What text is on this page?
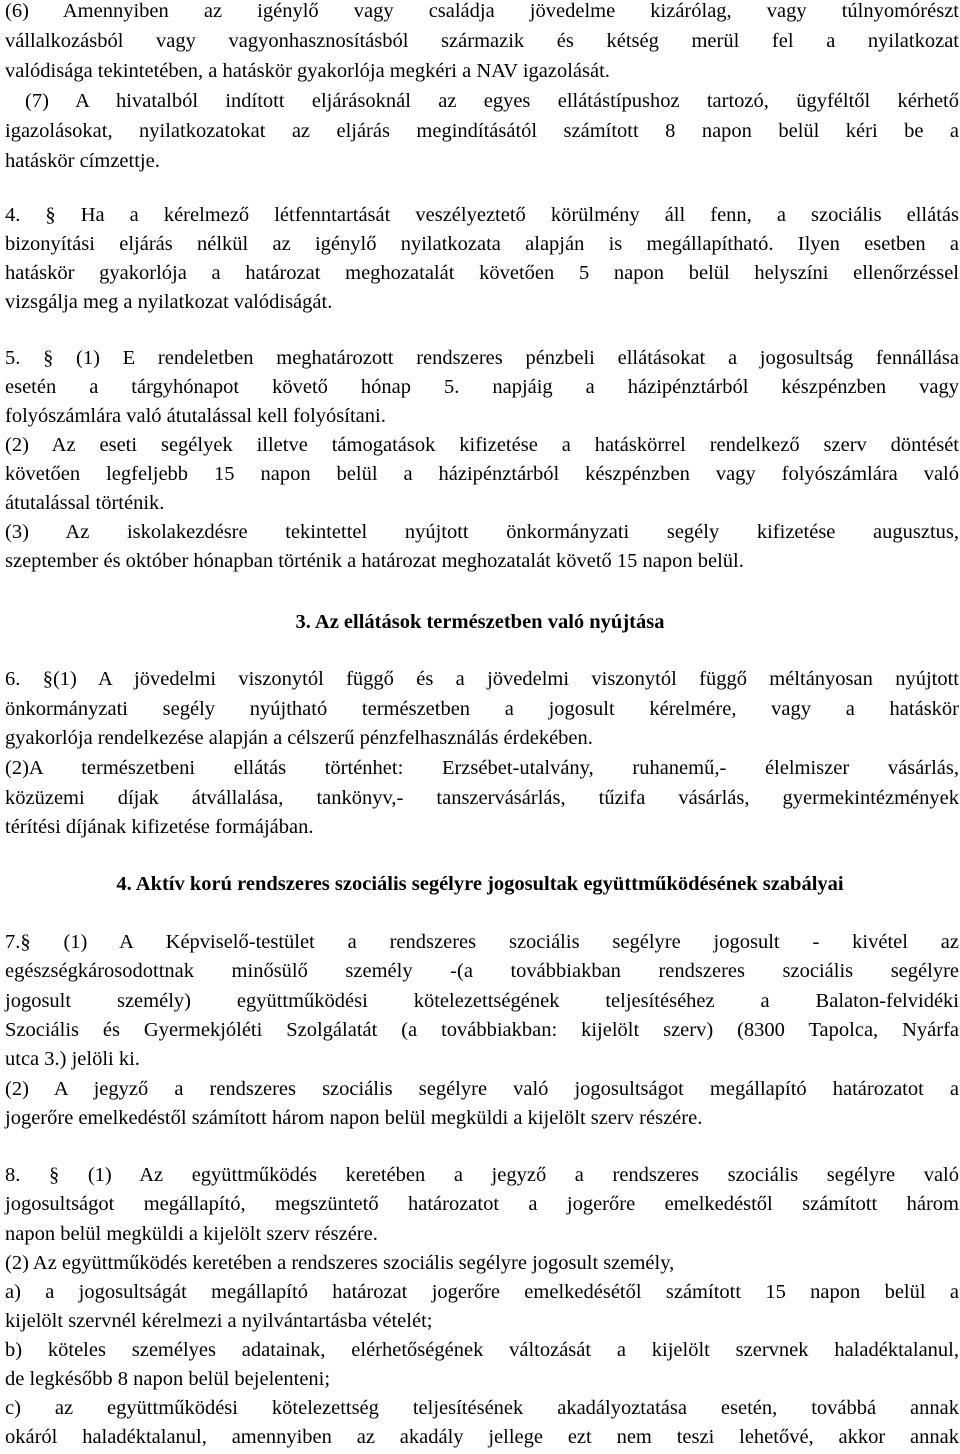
(6) Amennyiben az igénylő vagy családja jövedelme kizárólag, vagy túlnyomórészt
vállalkozásból vagy vagyonhasznosításból származik és kétség merül fel a nyilatkozat
valódisága tekintetében, a hatáskör gyakorlója megkéri a NAV igazolását.
(7) A hivatalból indított eljárásoknál az egyes ellátástípushoz tartozó, ügyféltől kérhető
igazolásokat, nyilatkozatokat az eljárás megindításától számított 8 napon belül kéri be a
hatáskör címzettje.
4. § Ha a kérelmező létfenntartását veszélyeztető körülmény áll fenn, a szociális ellátás
bizonyítási eljárás nélkül az igénylő nyilatkozata alapján is megállapítható. Ilyen esetben a
hatáskör gyakorlója a határozat meghozatalát követően 5 napon belül helyszíni ellenőrzéssel
vizsgálja meg a nyilatkozat valódiságát.
5. § (1) E rendeletben meghatározott rendszeres pénzbeli ellátásokat a jogosultság fennállása
esetén a tárgyhónapot követő hónap 5. napjáig a házipénztárból készpénzben vagy
folyószámlára való átutalással kell folyósítani.
(2) Az eseti segélyek illetve támogatások kifizetése a hatáskörrel rendelkező szerv döntését
követően legfeljebb 15 napon belül a házipénztárból készpénzben vagy folyószámlára való
átutalással történik.
(3) Az iskolakezdésre tekintettel nyújtott önkormányzati segély kifizetése augusztus,
szeptember és október hónapban történik a határozat meghozatalát követő 15 napon belül.
3. Az ellátások természetben való nyújtása
6. §(1) A jövedelmi viszonytól függő és a jövedelmi viszonytól függő méltányosan nyújtott
önkormányzati segély nyújtható természetben a jogosult kérelmére, vagy a hatáskör
gyakorlója rendelkezése alapján a célszerű pénzfelhasználás érdekében.
(2)A természetbeni ellátás történhet: Erzsébet-utalvány, ruhanemű,- élelmiszer vásárlás,
közüzemi díjak átvállalása, tankönyv,- tanszervásárlás, tűzifa vásárlás, gyermekintézmények
térítési díjának kifizetése formájában.
4. Aktív korú rendszeres szociális segélyre jogosultak együttműködésének szabályai
7.§ (1) A Képviselő-testület a rendszeres szociális segélyre jogosult - kivétel az
egészségkárosodottnak minősülő személy -(a továbbiakban rendszeres szociális segélyre
jogosult személy) együttműködési kötelezettségének teljesítéséhez a Balaton-felvidéki
Szociális és Gyermekjóléti Szolgálatát (a továbbiakban: kijelölt szerv) (8300 Tapolca, Nyárfa
utca 3.) jelöli ki.
(2) A jegyző a rendszeres szociális segélyre való jogosultságot megállapító határozatot a
jogerőre emelkedéstől számított három napon belül megküldi a kijelölt szerv részére.
8. § (1) Az együttműködés keretében a jegyző a rendszeres szociális segélyre való
jogosultságot megállapító, megszüntető határozatot a jogerőre emelkedéstől számított három
napon belül megküldi a kijelölt szerv részére.
(2) Az együttműködés keretében a rendszeres szociális segélyre jogosult személy,
a) a jogosultságát megállapító határozat jogerőre emelkedésétől számított 15 napon belül a
kijelölt szervnél kérelmezi a nyilvántartásba vételét;
b) köteles személyes adatainak, elérhetőségének változását a kijelölt szervnek haladéktalanul,
de legkésőbb 8 napon belül bejelenteni;
c) az együttműködési kötelezettség teljesítésének akadályoztatása esetén, továbbá annak
okáról haladéktalanul, amennyiben az akadály jellege ezt nem teszi lehetővé, akkor annak
